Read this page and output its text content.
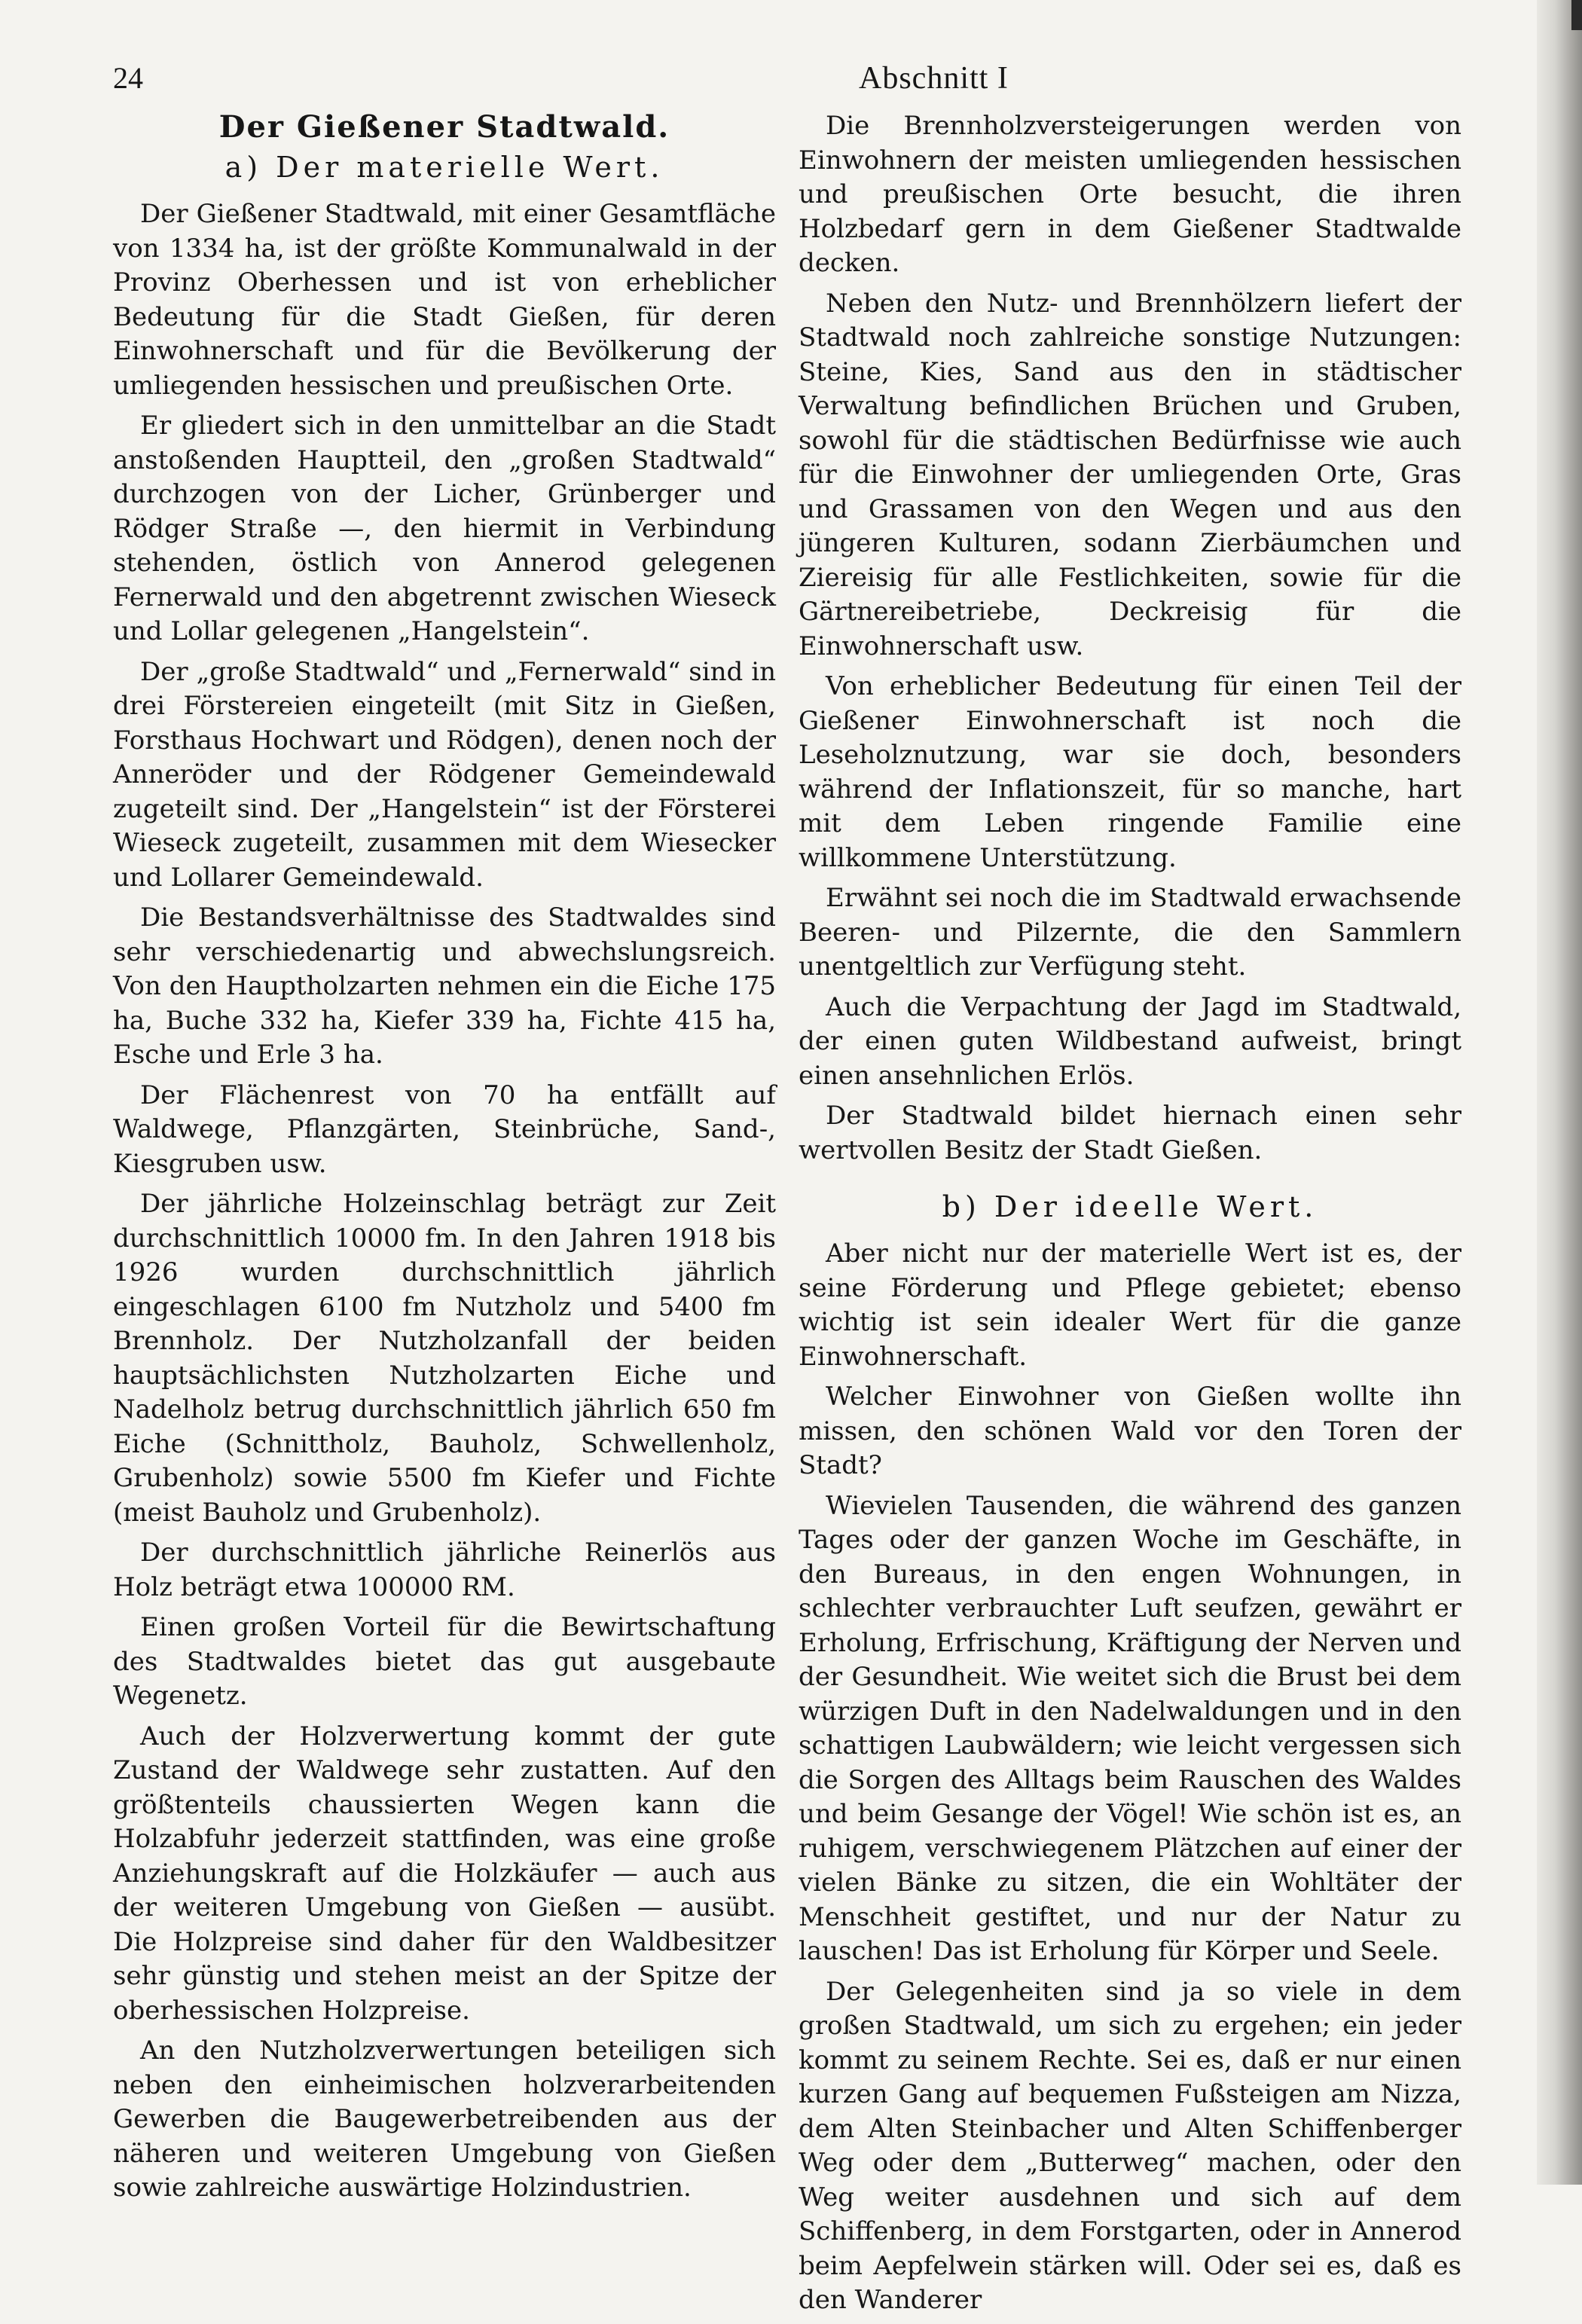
24	Abschnitt I
Der Gießener Stadtwald.
a) Der materielle Wert.

Der Gießener Stadtwald, mit einer Gesamtfläche von 1334 ha, ist der größte Kommunalwald in der Provinz Oberhessen und ist von erheblicher Bedeutung für die Stadt Gießen, für deren Einwohnerschaft und für die Bevölkerung der umliegenden hessischen und preußischen Orte.

Er gliedert sich in den unmittelbar an die Stadt anstoßenden Hauptteil, den „großen Stadtwald“ durchzogen von der Licher, Grünberger und Rödger Straße —, den hiermit in Verbindung stehenden, östlich von Annerod gelegenen Fernerwald und den abgetrennt zwischen Wieseck und Lollar gelegenen „Hangelstein“.

Der „große Stadtwald“ und „Fernerwald“ sind in drei Förstereien eingeteilt (mit Sitz in Gießen, Forsthaus Hochwart und Rödgen), denen noch der Anneröder und der Rödgener Gemeindewald zugeteilt sind. Der „Hangelstein“ ist der Försterei Wieseck zugeteilt, zusammen mit dem Wiesecker und Lollarer Gemeindewald.

Die Bestandsverhältnisse des Stadtwaldes sind sehr verschiedenartig und abwechslungsreich. Von den Hauptholzarten nehmen ein die Eiche 175 ha, Buche 332 ha, Kiefer 339 ha, Fichte 415 ha, Esche und Erle 3 ha.

Der Flächenrest von 70 ha entfällt auf Waldwege, Pflanzgärten, Steinbrüche, Sand-, Kiesgruben usw.

Der jährliche Holzeinschlag beträgt zur Zeit durchschnittlich 10000 fm. In den Jahren 1918 bis 1926 wurden durchschnittlich jährlich eingeschlagen 6100 fm Nutzholz und 5400 fm Brennholz. Der Nutzholzanfall der beiden hauptsächlichsten Nutzholzarten Eiche und Nadelholz betrug durchschnittlich jährlich 650 fm Eiche (Schnittholz, Bauholz, Schwellenholz, Grubenholz) sowie 5500 fm Kiefer und Fichte (meist Bauholz und Grubenholz).

Der durchschnittlich jährliche Reinerlös aus Holz beträgt etwa 100000 RM.

Einen großen Vorteil für die Bewirtschaftung des Stadtwaldes bietet das gut ausgebaute Wegenetz.

Auch der Holzverwertung kommt der gute Zustand der Waldwege sehr zustatten. Auf den größtenteils chaussierten Wegen kann die Holzabfuhr jederzeit stattfinden, was eine große Anziehungskraft auf die Holzkäufer — auch aus der weiteren Umgebung von Gießen — ausübt. Die Holzpreise sind daher für den Waldbesitzer sehr günstig und stehen meist an der Spitze der oberhessischen Holzpreise.

An den Nutzholzverwertungen beteiligen sich neben den einheimischen holzverarbeitenden Gewerben die Baugewerbetreibenden aus der näheren und weiteren Umgebung von Gießen sowie zahlreiche auswärtige Holzindustrien.

Die Brennholzversteigerungen werden von Einwohnern der meisten umliegenden hessischen und preußischen Orte besucht, die ihren Holzbedarf gern in dem Gießener Stadtwalde decken.

Neben den Nutz- und Brennhölzern liefert der Stadtwald noch zahlreiche sonstige Nutzungen: Steine, Kies, Sand aus den in städtischer Verwaltung befindlichen Brüchen und Gruben, sowohl für die städtischen Bedürfnisse wie auch für die Einwohner der umliegenden Orte, Gras und Grassamen von den Wegen und aus den jüngeren Kulturen, sodann Zierbäumchen und Ziereisig für alle Festlichkeiten, sowie für die Gärtnereibetriebe, Deckreisig für die Einwohnerschaft usw.

Von erheblicher Bedeutung für einen Teil der Gießener Einwohnerschaft ist noch die Leseholznutzung, war sie doch, besonders während der Inflationszeit, für so manche, hart mit dem Leben ringende Familie eine willkommene Unterstützung.

Erwähnt sei noch die im Stadtwald erwachsende Beeren- und Pilzernte, die den Sammlern unentgeltlich zur Verfügung steht.

Auch die Verpachtung der Jagd im Stadtwald, der einen guten Wildbestand aufweist, bringt einen ansehnlichen Erlös.

Der Stadtwald bildet hiernach einen sehr wertvollen Besitz der Stadt Gießen.

b) Der ideelle Wert.

Aber nicht nur der materielle Wert ist es, der seine Förderung und Pflege gebietet; ebenso wichtig ist sein idealer Wert für die ganze Einwohnerschaft.

Welcher Einwohner von Gießen wollte ihn missen, den schönen Wald vor den Toren der Stadt?

Wievielen Tausenden, die während des ganzen Tages oder der ganzen Woche im Geschäfte, in den Bureaus, in den engen Wohnungen, in schlechter verbrauchter Luft seufzen, gewährt er Erholung, Erfrischung, Kräftigung der Nerven und der Gesundheit. Wie weitet sich die Brust bei dem würzigen Duft in den Nadelwaldungen und in den schattigen Laubwäldern; wie leicht vergessen sich die Sorgen des Alltags beim Rauschen des Waldes und beim Gesange der Vögel! Wie schön ist es, an ruhigem, verschwiegenem Plätzchen auf einer der vielen Bänke zu sitzen, die ein Wohltäter der Menschheit gestiftet, und nur der Natur zu lauschen! Das ist Erholung für Körper und Seele.

Der Gelegenheiten sind ja so viele in dem großen Stadtwald, um sich zu ergehen; ein jeder kommt zu seinem Rechte. Sei es, daß er nur einen kurzen Gang auf bequemen Fußsteigen am Nizza, dem Alten Steinbacher und Alten Schiffenberger Weg oder dem „Butterweg“ machen, oder den Weg weiter ausdehnen und sich auf dem Schiffenberg, in dem Forstgarten, oder in Annerod beim Aepfelwein stärken will. Oder sei es, daß es den Wanderer
